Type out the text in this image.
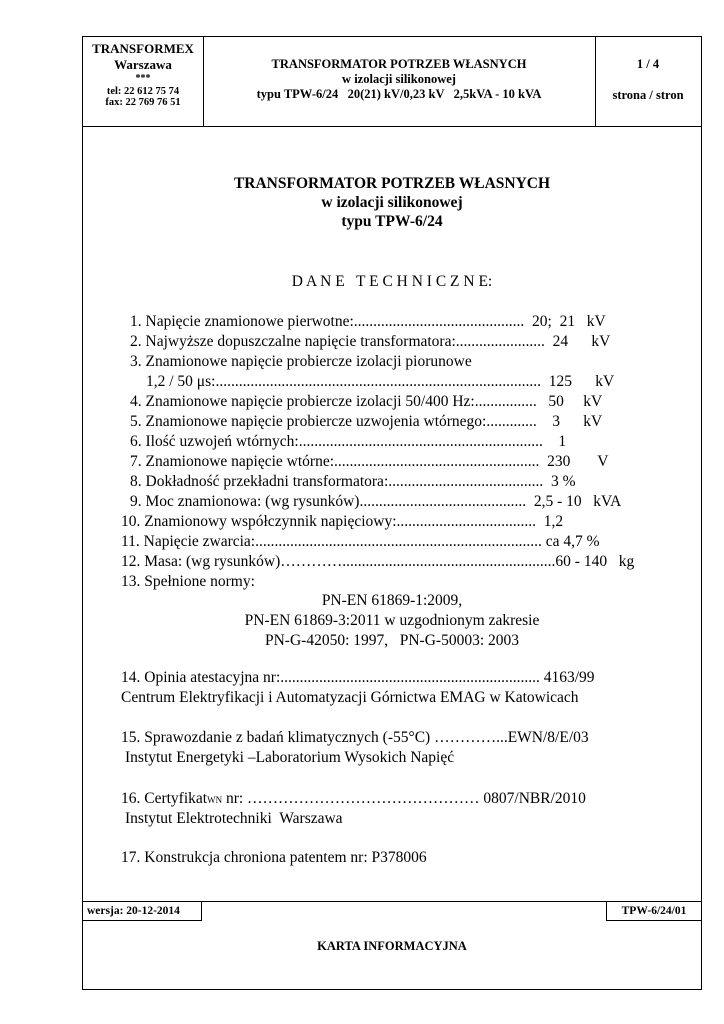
TRANSFORMEX
Warszawa
***
tel: 22 612 75 74
fax: 22 769 76 51
TRANSFORMATOR POTRZEB WŁASNYCH
w izolacji silikonowej
typu TPW-6/24   20(21) kV/0,23 kV   2,5kVA - 10 kVA
1 / 4
strona / stron
TRANSFORMATOR POTRZEB WŁASNYCH
w izolacji silikonowej
typu TPW-6/24
D A N E   T E C H N I C Z N E:
1. Napięcie znamionowe pierwotne:............................................  20;  21   kV
2. Najwyższe dopuszczalne napięcie transformatora:.......................  24      kV
3. Znamionowe napięcie probiercze izolacji piorunowe
1,2 / 50 μs:....................................................................................  125      kV
4. Znamionowe napięcie probiercze izolacji 50/400 Hz:................   50     kV
5. Znamionowe napięcie probiercze uzwojenia wtórnego:.............    3      kV
6. Ilość uzwojeń wtórnych:...............................................................    1
7. Znamionowe napięcie wtórne:.....................................................  230       V
8. Dokładność przekładni transformatora:........................................  3 %
9. Moc znamionowa: (wg rysunków)...........................................  2,5 - 10   kVA
10. Znamionowy współczynnik napięciowy:....................................  1,2
11. Napięcie zwarcia:.......................................................................... ca 4,7 %
12. Masa: (wg rysunków)………….......................................................60 - 140   kg
13. Spełnione normy:
PN-EN 61869-1:2009,
PN-EN 61869-3:2011 w uzgodnionym zakresie
PN-G-42050: 1997,   PN-G-50003: 2003
14. Opinia atestacyjna nr:................................................................... 4163/99
Centrum Elektryfikacji i Automatyzacji Górnictwa EMAG w Katowicach
15. Sprawozdanie z badań klimatycznych (-55°C) …………...EWN/8/E/03
Instytut Energetyki –Laboratorium Wysokich Napięć
16. CertyfikatWN nr: ……………………………………… 0807/NBR/2010
Instytut Elektrotechniki  Warszawa
17. Konstrukcja chroniona patentem nr: P378006
wersja: 20-12-2014	TPW-6/24/01
KARTA INFORMACYJNA
